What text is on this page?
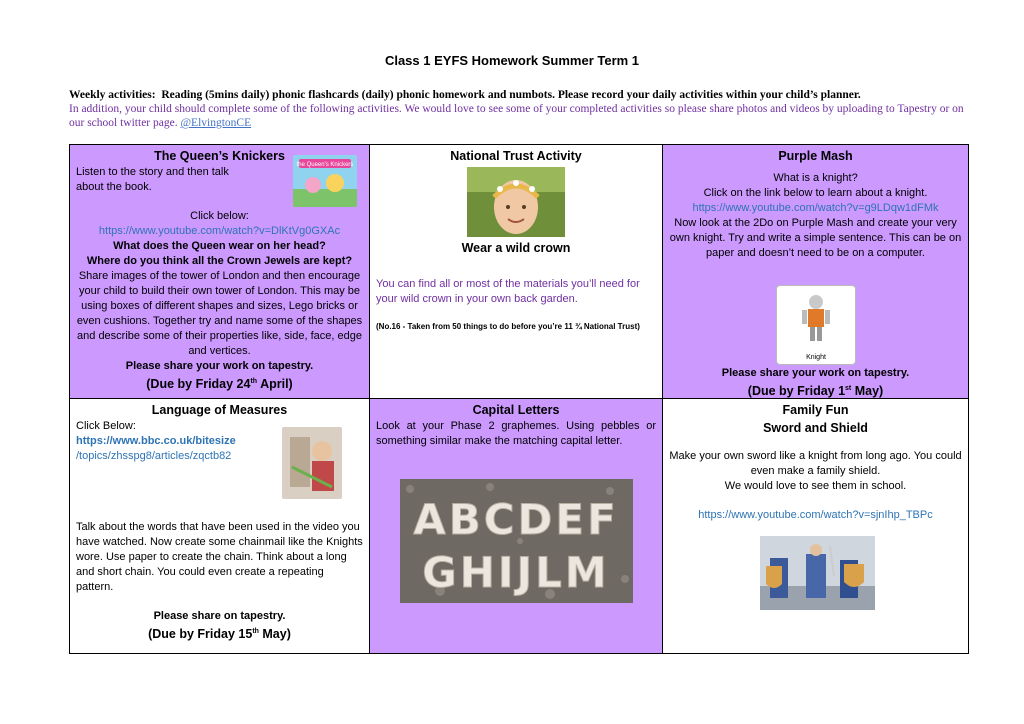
Class 1 EYFS Homework Summer Term 1
Weekly activities: Reading (5mins daily) phonic flashcards (daily) phonic homework and numbots. Please record your daily activities within your child’s planner.
In addition, your child should complete some of the following activities. We would love to see some of your completed activities so please share photos and videos by uploading to Tapestry or on our school twitter page. @ElvingtonCE
The Queen’s Knickers
Listen to the story and then talk about the book.
the Queen's Knickers
Click below:
https://www.youtube.com/watch?v=DlKtVg0GXAc
What does the Queen wear on her head?
Where do you think all the Crown Jewels are kept?
Share images of the tower of London and then encourage your child to build their own tower of London. This may be using boxes of different shapes and sizes, Lego bricks or even cushions. Together try and name some of the shapes and describe some of their properties like, side, face, edge and vertices.
Please share your work on tapestry.
(Due by Friday 24th April)
National Trust Activity
Wear a wild crown
You can find all or most of the materials you’ll need for your wild crown in your own back garden.
(No.16 - Taken from 50 things to do before you’re 11 ¾ National Trust)
Purple Mash
What is a knight?
Click on the link below to learn about a knight.
https://www.youtube.com/watch?v=g9LDqw1dFMk
Now look at the 2Do on Purple Mash and create your very own knight. Try and write a simple sentence. This can be on paper and doesn’t need to be on a computer.
Knight
Please share your work on tapestry.
(Due by Friday 1st May)
Language of Measures
Click Below:
https://www.bbc.co.uk/bitesize
/topics/zhsspg8/articles/zqctb82
Talk about the words that have been used in the video you have watched. Now create some chainmail like the Knights wore. Use paper to create the chain. Think about a long and short chain. You could even create a repeating pattern.
Please share on tapestry.
(Due by Friday 15th May)
Capital Letters
Look at your Phase 2 graphemes. Using pebbles or something similar make the matching capital letter.
ABCDEF
GHIJLM
Family Fun
Sword and Shield
Make your own sword like a knight from long ago. You could even make a family shield.
We would love to see them in school.
https://www.youtube.com/watch?v=sjnIhp_TBPc
